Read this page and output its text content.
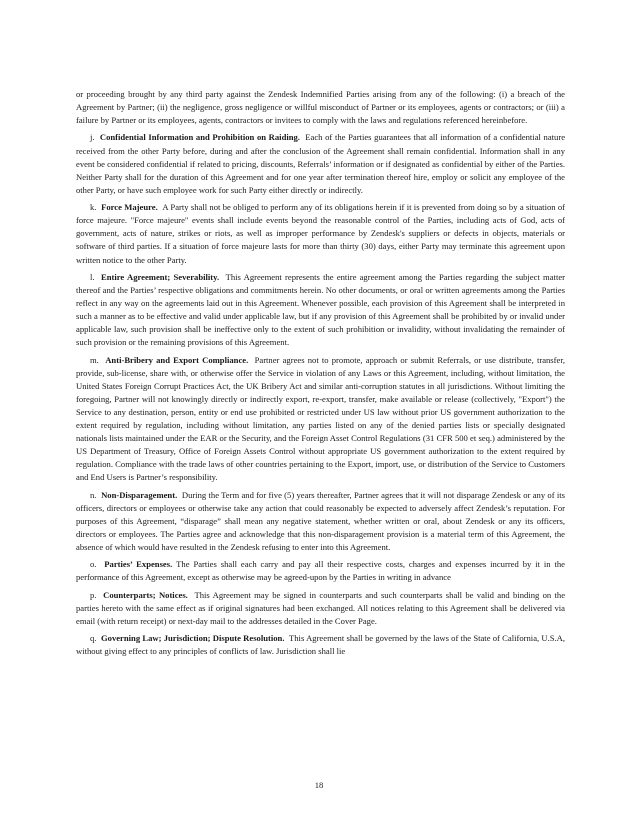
or proceeding brought by any third party against the Zendesk Indemnified Parties arising from any of the following: (i) a breach of the Agreement by Partner; (ii) the negligence, gross negligence or willful misconduct of Partner or its employees, agents or contractors; or (iii) a failure by Partner or its employees, agents, contractors or invitees to comply with the laws and regulations referenced hereinbefore.

j. Confidential Information and Prohibition on Raiding. Each of the Parties guarantees that all information of a confidential nature received from the other Party before, during and after the conclusion of the Agreement shall remain confidential. Information shall in any event be considered confidential if related to pricing, discounts, Referrals’ information or if designated as confidential by either of the Parties. Neither Party shall for the duration of this Agreement and for one year after termination thereof hire, employ or solicit any employee of the other Party, or have such employee work for such Party either directly or indirectly.

k. Force Majeure. A Party shall not be obliged to perform any of its obligations herein if it is prevented from doing so by a situation of force majeure. "Force majeure" events shall include events beyond the reasonable control of the Parties, including acts of God, acts of government, acts of nature, strikes or riots, as well as improper performance by Zendesk's suppliers or defects in objects, materials or software of third parties. If a situation of force majeure lasts for more than thirty (30) days, either Party may terminate this agreement upon written notice to the other Party.

l. Entire Agreement; Severability. This Agreement represents the entire agreement among the Parties regarding the subject matter thereof and the Parties’ respective obligations and commitments herein. No other documents, or oral or written agreements among the Parties reflect in any way on the agreements laid out in this Agreement. Whenever possible, each provision of this Agreement shall be interpreted in such a manner as to be effective and valid under applicable law, but if any provision of this Agreement shall be prohibited by or invalid under applicable law, such provision shall be ineffective only to the extent of such prohibition or invalidity, without invalidating the remainder of such provision or the remaining provisions of this Agreement.

m. Anti-Bribery and Export Compliance. Partner agrees not to promote, approach or submit Referrals, or use distribute, transfer, provide, sub-license, share with, or otherwise offer the Service in violation of any Laws or this Agreement, including, without limitation, the United States Foreign Corrupt Practices Act, the UK Bribery Act and similar anti-corruption statutes in all jurisdictions. Without limiting the foregoing, Partner will not knowingly directly or indirectly export, re-export, transfer, make available or release (collectively, "Export") the Service to any destination, person, entity or end use prohibited or restricted under US law without prior US government authorization to the extent required by regulation, including without limitation, any parties listed on any of the denied parties lists or specially designated nationals lists maintained under the EAR or the Security, and the Foreign Asset Control Regulations (31 CFR 500 et seq.) administered by the US Department of Treasury, Office of Foreign Assets Control without appropriate US government authorization to the extent required by regulation. Compliance with the trade laws of other countries pertaining to the Export, import, use, or distribution of the Service to Customers and End Users is Partner’s responsibility.

n. Non-Disparagement. During the Term and for five (5) years thereafter, Partner agrees that it will not disparage Zendesk or any of its officers, directors or employees or otherwise take any action that could reasonably be expected to adversely affect Zendesk’s reputation. For purposes of this Agreement, “disparage” shall mean any negative statement, whether written or oral, about Zendesk or any its officers, directors or employees. The Parties agree and acknowledge that this non-disparagement provision is a material term of this Agreement, the absence of which would have resulted in the Zendesk refusing to enter into this Agreement.

o. Parties’ Expenses. The Parties shall each carry and pay all their respective costs, charges and expenses incurred by it in the performance of this Agreement, except as otherwise may be agreed-upon by the Parties in writing in advance

p. Counterparts; Notices. This Agreement may be signed in counterparts and such counterparts shall be valid and binding on the parties hereto with the same effect as if original signatures had been exchanged. All notices relating to this Agreement shall be delivered via email (with return receipt) or next-day mail to the addresses detailed in the Cover Page.

q. Governing Law; Jurisdiction; Dispute Resolution. This Agreement shall be governed by the laws of the State of California, U.S.A, without giving effect to any principles of conflicts of law. Jurisdiction shall lie

18
